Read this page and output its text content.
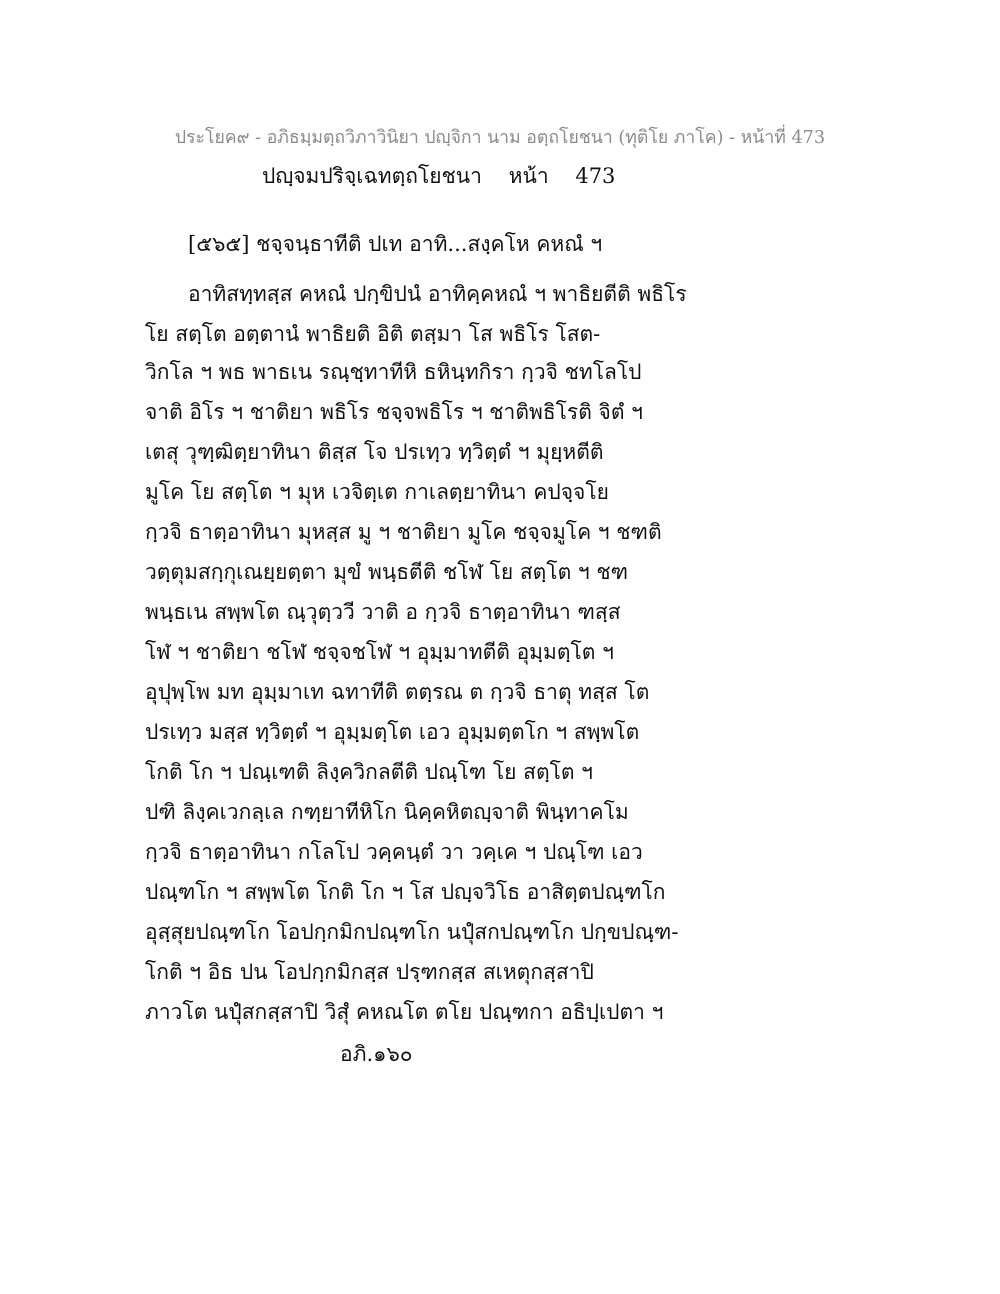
ประโยค๙ - อภิธมฺมตฺถวิภาวินิยา ปญฺจิกา นาม อตฺถโยชนา (ทุติโย ภาโค) - หน้าที่ 473
ปญฺจมปริจฺเฉทตฺถโยชนา หน้า 473
[๕๖๕] ชจฺจนฺธาทีติ ปเท อาทิ...สงฺคโห คหณํ ฯ
อาทิสทฺทสฺส คหณํ ปกฺขิปนํ อาทิคฺคหณํ ฯ พาธิยตีติ พธิโร
โย สตฺโต อตฺตานํ พาธิยติ อิติ ตสฺมา โส พธิโร โสต-
วิกโล ฯ พธ พาธเน รณฺชฺทาทีหิ ธหินฺทกิรา กฺวจิ ชทโลโป
จาติ อิโร ฯ ชาติยา พธิโร ชจฺจพธิโร ฯ ชาติพธิโรติ จิตํ ฯ
เตสุ วุฑฺฒิตฺยาทินา ติสฺส โจ ปรเทฺว ทฺวิตฺตํ ฯ มุยฺหตีติ
มูโค โย สตฺโต ฯ มุห เวจิตฺเต กาเลตฺยาทินา คปจฺจโย
กฺวจิ ธาตฺอาทินา มุหสฺส มู ฯ ชาติยา มูโค ชจฺจมูโค ฯ ชฑติ
วตฺตุมสกฺกุเณยฺยตฺตา มุขํ พนฺธตีติ ชโฬ โย สตฺโต ฯ ชฑ
พนฺธเน สพฺพโต ณฺวุตฺววี วาติ อ กฺวจิ ธาตฺอาทินา ฑสฺส
โฬ ฯ ชาติยา ชโฬ ชจฺจชโฬ ฯ อุมฺมาทตีติ อุมฺมตฺโต ฯ
อุปุพฺโพ มท อุมฺมาเท ฉทาทีติ ตตฺรณ ต กฺวจิ ธาตุ ทสฺส โต
ปรเทฺว มสฺส ทฺวิตฺตํ ฯ อุมฺมตฺโต เอว อุมฺมตฺตโก ฯ สพฺพโต
โกติ โก ฯ ปณฺเฑติ ลิงฺควิกลตีติ ปณฺโฑ โย สตฺโต ฯ
ปฑิ ลิงฺคเวกลฺเล กฑฺยาทีหิโก นิคฺคหิตญฺจาติ พินฺทาคโม
กฺวจิ ธาตฺอาทินา กโลโป วคฺคนฺตํ วา วคฺเค ฯ ปณฺโฑ เอว
ปณฺฑโก ฯ สพฺพโต โกติ โก ฯ โส ปญฺจวิโธ อาสิตฺตปณฺฑโก
อุสฺสุยปณฺฑโก โอปกฺกมิกปณฺฑโก นปุํสกปณฺฑโก ปกฺขปณฺฑ-
โกติ ฯ อิธ ปน โอปกฺกมิกสฺส ปรฺฑกสฺส สเหตุกสฺสาปิ
ภาวโต นปุํสกสฺสาปิ วิสุํ คหณโต ตโย ปณฺฑกา อธิปฺเปตา ฯ
อภิ.๑๖๐
